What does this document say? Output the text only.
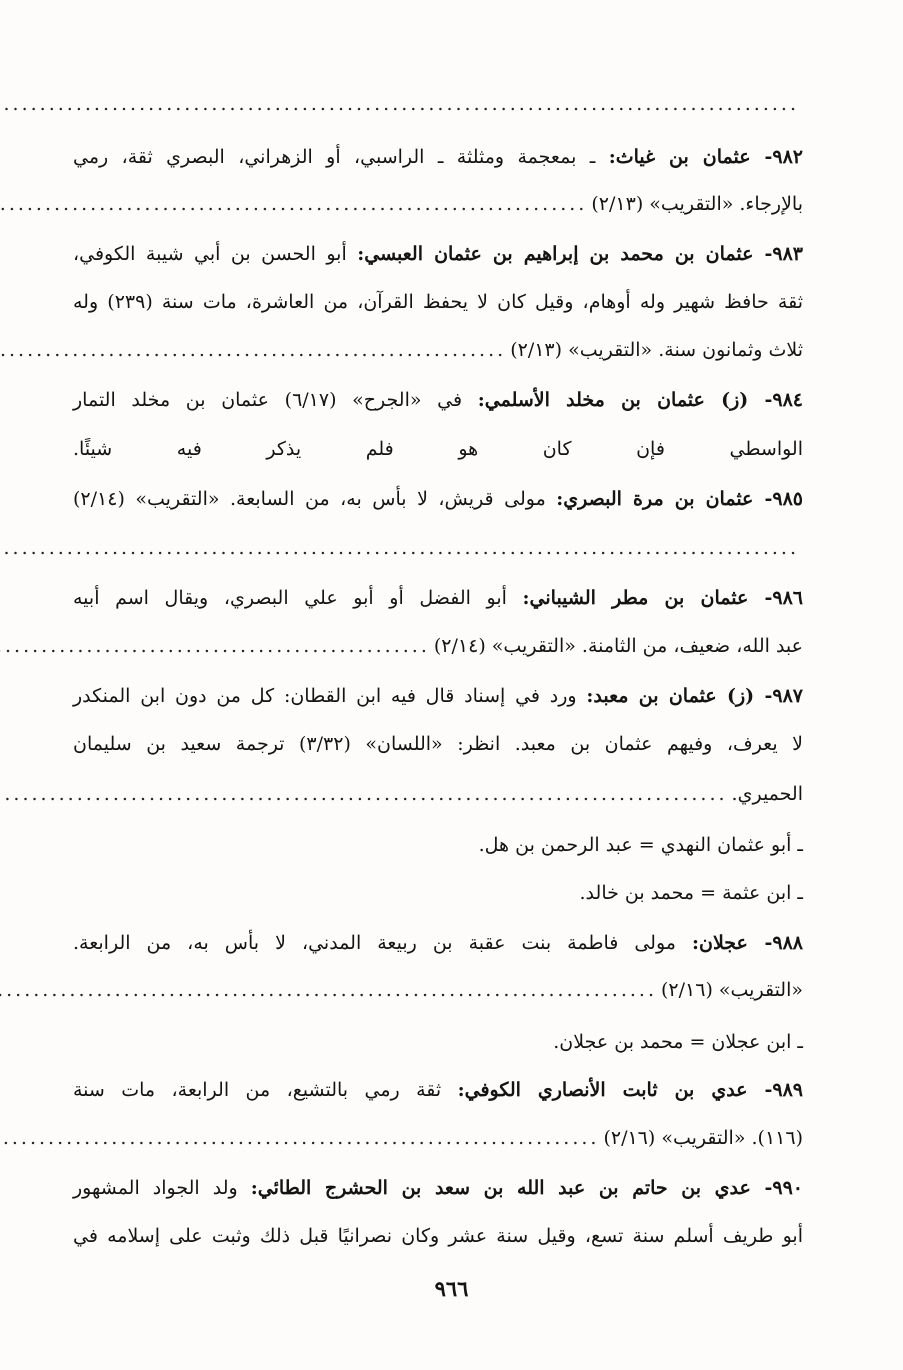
.....
٩٨٢- عثمان بن غياث: ـ بمعجمة ومثلثة ـ الراسبي، أو الزهراني، البصري ثقة، رمي
بالإرجاء. «التقريب» (٢/١٣)
.....
٩٨٣- عثمان بن محمد بن إبراهيم بن عثمان العبسي: أبو الحسن بن أبي شيبة الكوفي،
ثقة حافظ شهير وله أوهام، وقيل كان لا يحفظ القرآن، من العاشرة، مات سنة (٢٣٩) وله
ثلاث وثمانون سنة. «التقريب» (٢/١٣)
.....
٩٨٤- (ز) عثمان بن مخلد الأسلمي: في «الجرح» (٦/١٧) عثمان بن مخلد التمار
الواسطي فإن كان هو فلم يذكر فيه شيئًا.
٩٨٥- عثمان بن مرة البصري: مولى قريش، لا بأس به، من السابعة. «التقريب» (٢/١٤)
.....
٩٨٦- عثمان بن مطر الشيباني: أبو الفضل أو أبو علي البصري، ويقال اسم أبيه
عبد الله، ضعيف، من الثامنة. «التقريب» (٢/١٤)
.....
٩٨٧- (ز) عثمان بن معبد: ورد في إسناد قال فيه ابن القطان: كل من دون ابن المنكدر
لا يعرف، وفيهم عثمان بن معبد. انظر: «اللسان» (٣/٣٢) ترجمة سعيد بن سليمان
الحميري.
.....
ـ أبو عثمان النهدي = عبد الرحمن بن هل.
ـ ابن عثمة = محمد بن خالد.
٩٨٨- عجلان: مولى فاطمة بنت عقبة بن ربيعة المدني، لا بأس به، من الرابعة.
«التقريب» (٢/١٦)
.....
ـ ابن عجلان = محمد بن عجلان.
٩٨٩- عدي بن ثابت الأنصاري الكوفي: ثقة رمي بالتشيع، من الرابعة، مات سنة
(١١٦). «التقريب» (٢/١٦)
.....
٩٩٠- عدي بن حاتم بن عبد الله بن سعد بن الحشرج الطائي: ولد الجواد المشهور
أبو طريف أسلم سنة تسع، وقيل سنة عشر وكان نصرانيًا قبل ذلك وثبت على إسلامه في
٩٦٦
